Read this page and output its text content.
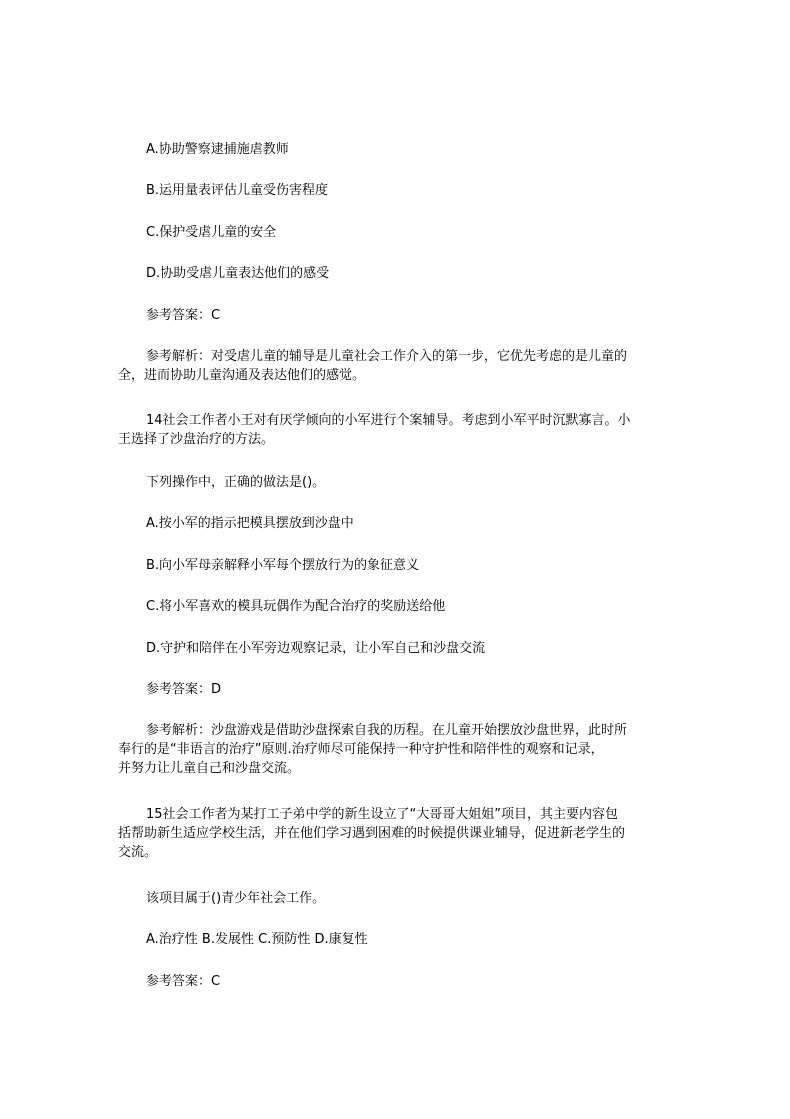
A.协助警察逮捕施虐教师

B.运用量表评估儿童受伤害程度

C.保护受虐儿童的安全

D.协助受虐儿童表达他们的感受

参考答案：C

参考解析：对受虐儿童的辅导是儿童社会工作介入的第一步，它优先考虑的是儿童的
全，进而协助儿童沟通及表达他们的感觉。
14社会工作者小王对有厌学倾向的小军进行个案辅导。考虑到小军平时沉默寡言。小
王选择了沙盘治疗的方法。

下列操作中，正确的做法是()。

A.按小军的指示把模具摆放到沙盘中

B.向小军母亲解释小军每个摆放行为的象征意义

C.将小军喜欢的模具玩偶作为配合治疗的奖励送给他

D.守护和陪伴在小军旁边观察记录，让小军自己和沙盘交流

参考答案：D

参考解析：沙盘游戏是借助沙盘探索自我的历程。在儿童开始摆放沙盘世界，此时所
奉行的是“非语言的治疗”原则.治疗师尽可能保持一种守护性和陪伴性的观察和记录，
并努力让儿童自己和沙盘交流。
15社会工作者为某打工子弟中学的新生设立了“大哥哥大姐姐”项目，其主要内容包
括帮助新生适应学校生活，并在他们学习遇到困难的时候提供课业辅导，促进新老学生的
交流。

该项目属于()青少年社会工作。

A.治疗性 B.发展性 C.预防性 D.康复性

参考答案：C
